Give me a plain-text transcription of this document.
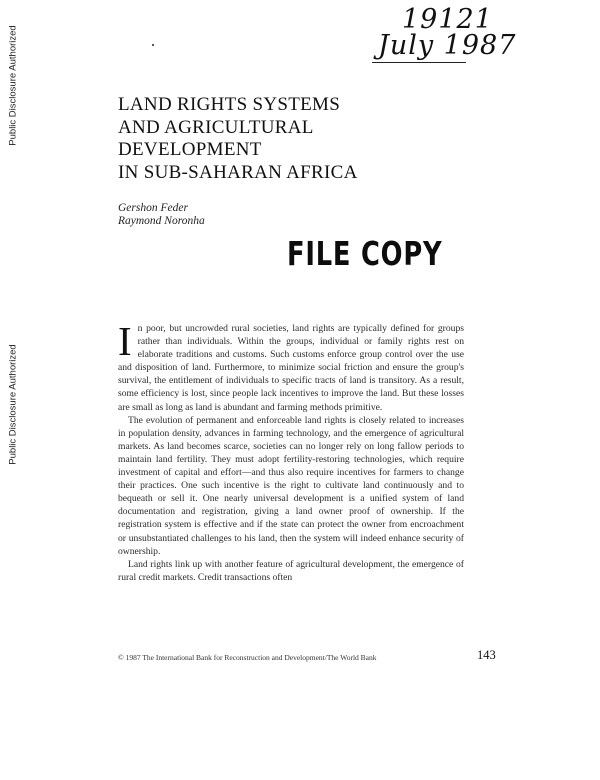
Public Disclosure Authorized
Public Disclosure Authorized
19121
July 1987
LAND RIGHTS SYSTEMS
AND AGRICULTURAL
DEVELOPMENT
IN SUB-SAHARAN AFRICA
Gershon Feder
Raymond Noronha
FILE COPY

In poor, but uncrowded rural societies, land rights are typically defined for groups rather than individuals. Within the groups, individual or family rights rest on elaborate traditions and customs. Such customs enforce group control over the use and disposition of land. Furthermore, to minimize social friction and ensure the group's survival, the entitlement of individuals to specific tracts of land is transitory. As a result, some efficiency is lost, since people lack incentives to improve the land. But these losses are small as long as land is abundant and farming methods primitive.

The evolution of permanent and enforceable land rights is closely related to increases in population density, advances in farming technology, and the emergence of agricultural markets. As land becomes scarce, societies can no longer rely on long fallow periods to maintain land fertility. They must adopt fertility-restoring technologies, which require investment of capital and effort—and thus also require incentives for farmers to change their practices. One such incentive is the right to cultivate land continuously and to bequeath or sell it. One nearly universal development is a unified system of land documentation and registration, giving a land owner proof of ownership. If the registration system is effective and if the state can protect the owner from encroachment or unsubstantiated challenges to his land, then the system will indeed enhance security of ownership.

Land rights link up with another feature of agricultural development, the emergence of rural credit markets. Credit transactions often

© 1987 The International Bank for Reconstruction and Development/The World Bank	143
